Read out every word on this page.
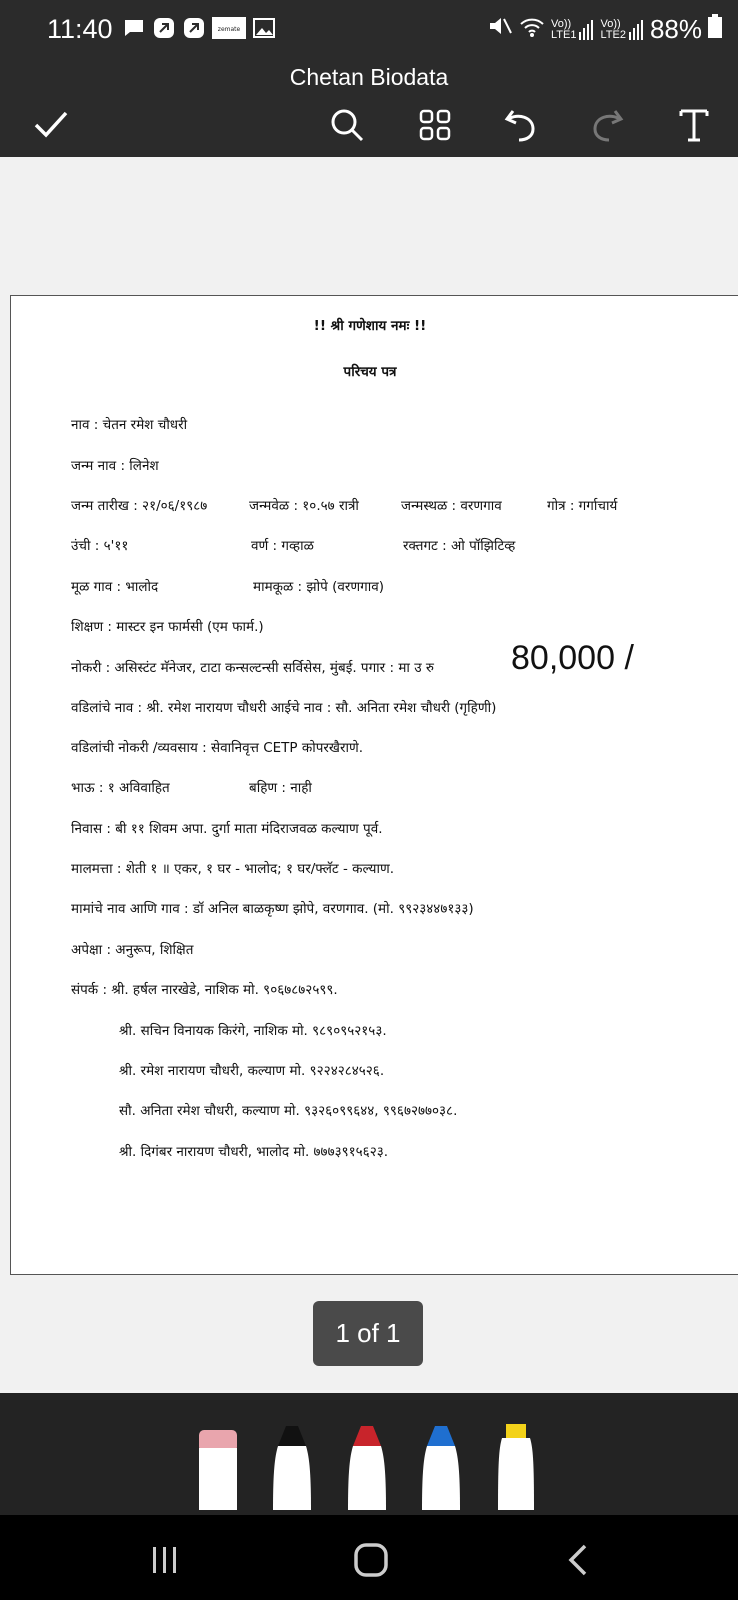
11:40	zemate	Vo))
LTE1
Vo))
LTE2 88%
Chetan Biodata
!! श्री गणेशाय नमः !!
परिचय पत्र
नाव : चेतन रमेश चौधरी
जन्म नाव : लिनेश
जन्म तारीख : २१/०६/१९८७	जन्मवेळ : १०.५७ रात्री	जन्मस्थळ : वरणगाव	गोत्र : गर्गाचार्य
उंची : ५'११	वर्ण : गव्हाळ	रक्तगट : ओ पॉझिटिव्ह
मूळ गाव : भालोद	मामकूळ : झोपे (वरणगाव)
शिक्षण : मास्टर इन फार्मसी (एम फार्म.)
नोकरी : असिस्टंट मॅनेजर, टाटा कन्सल्टन्सी सर्विसेस, मुंबई. पगार : मा उ रु 80,000 /
वडिलांचे नाव : श्री. रमेश नारायण चौधरी आईचे नाव : सौ. अनिता रमेश चौधरी (गृहिणी)
वडिलांची नोकरी /व्यवसाय : सेवानिवृत्त CETP कोपरखैराणे.
भाऊ : १ अविवाहित	बहिण : नाही
निवास : बी ११ शिवम अपा. दुर्गा माता मंदिराजवळ कल्याण पूर्व.
मालमत्ता : शेती १ ॥ एकर, १ घर - भालोद; १ घर/फ्लॅट - कल्याण.
मामांचे नाव आणि गाव : डॉ अनिल बाळकृष्ण झोपे, वरणगाव. (मो. ९९२३४४७१३३)
अपेक्षा : अनुरूप, शिक्षित
संपर्क : श्री. हर्षल नारखेडे, नाशिक मो. ९०६७८७२५९९.
श्री. सचिन विनायक किरंगे, नाशिक मो. ९८९०९५२१५३.
श्री. रमेश नारायण चौधरी, कल्याण मो. ९२२४२८४५२६.
सौ. अनिता रमेश चौधरी, कल्याण मो. ९३२६०९९६४४, ९९६७२७७०३८.
श्री. दिगंबर नारायण चौधरी, भालोद मो. ७७७३९१५६२३.
1 of 1
